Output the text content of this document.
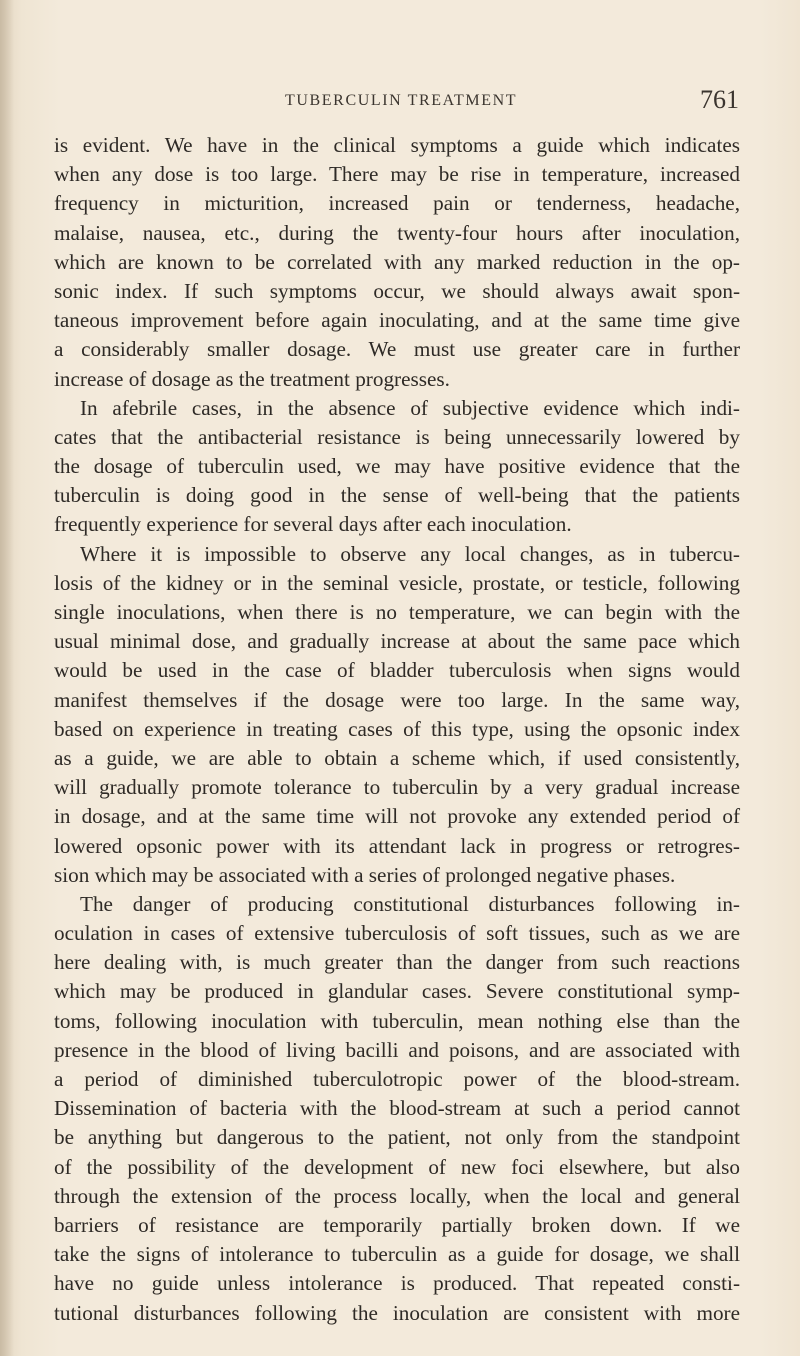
TUBERCULIN TREATMENT	761
is evident. We have in the clinical symptoms a guide which indicates
when any dose is too large. There may be rise in temperature, increased
frequency in micturition, increased pain or tenderness, headache,
malaise, nausea, etc., during the twenty-four hours after inoculation,
which are known to be correlated with any marked reduction in the op-
sonic index. If such symptoms occur, we should always await spon-
taneous improvement before again inoculating, and at the same time give
a considerably smaller dosage. We must use greater care in further
increase of dosage as the treatment progresses.
In afebrile cases, in the absence of subjective evidence which indi-
cates that the antibacterial resistance is being unnecessarily lowered by
the dosage of tuberculin used, we may have positive evidence that the
tuberculin is doing good in the sense of well-being that the patients
frequently experience for several days after each inoculation.
Where it is impossible to observe any local changes, as in tubercu-
losis of the kidney or in the seminal vesicle, prostate, or testicle, following
single inoculations, when there is no temperature, we can begin with the
usual minimal dose, and gradually increase at about the same pace which
would be used in the case of bladder tuberculosis when signs would
manifest themselves if the dosage were too large. In the same way,
based on experience in treating cases of this type, using the opsonic index
as a guide, we are able to obtain a scheme which, if used consistently,
will gradually promote tolerance to tuberculin by a very gradual increase
in dosage, and at the same time will not provoke any extended period of
lowered opsonic power with its attendant lack in progress or retrogres-
sion which may be associated with a series of prolonged negative phases.
The danger of producing constitutional disturbances following in-
oculation in cases of extensive tuberculosis of soft tissues, such as we are
here dealing with, is much greater than the danger from such reactions
which may be produced in glandular cases. Severe constitutional symp-
toms, following inoculation with tuberculin, mean nothing else than the
presence in the blood of living bacilli and poisons, and are associated with
a period of diminished tuberculotropic power of the blood-stream.
Dissemination of bacteria with the blood-stream at such a period cannot
be anything but dangerous to the patient, not only from the standpoint
of the possibility of the development of new foci elsewhere, but also
through the extension of the process locally, when the local and general
barriers of resistance are temporarily partially broken down. If we
take the signs of intolerance to tuberculin as a guide for dosage, we shall
have no guide unless intolerance is produced. That repeated consti-
tutional disturbances following the inoculation are consistent with more
